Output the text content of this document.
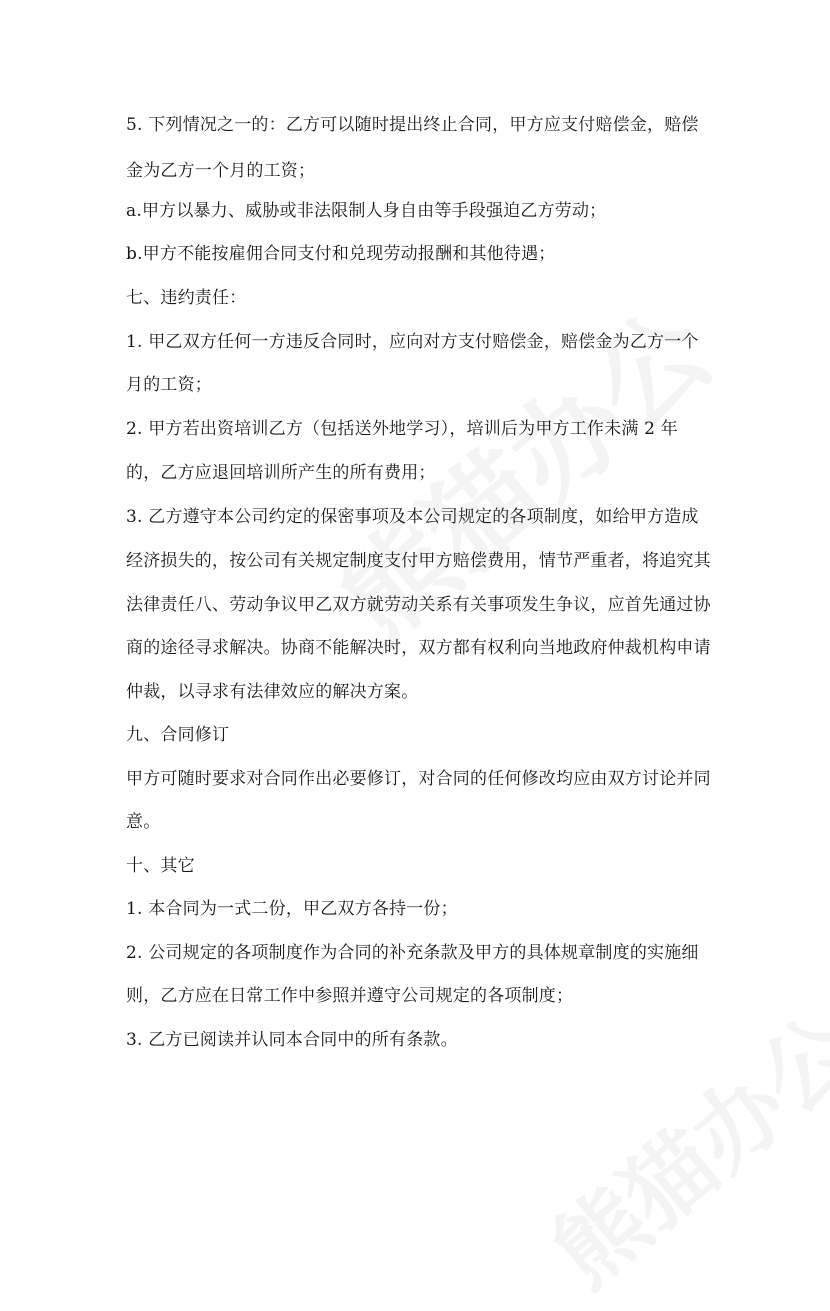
5. 下列情况之一的：乙方可以随时提出终止合同，甲方应支付赔偿金，赔偿
金为乙方一个月的工资；
a.甲方以暴力、威胁或非法限制人身自由等手段强迫乙方劳动；
b.甲方不能按雇佣合同支付和兑现劳动报酬和其他待遇；
七、违约责任：
1. 甲乙双方任何一方违反合同时，应向对方支付赔偿金，赔偿金为乙方一个
月的工资；
2. 甲方若出资培训乙方（包括送外地学习），培训后为甲方工作未满 2 年
的，乙方应退回培训所产生的所有费用；
3. 乙方遵守本公司约定的保密事项及本公司规定的各项制度，如给甲方造成
经济损失的，按公司有关规定制度支付甲方赔偿费用，情节严重者，将追究其
法律责任八、劳动争议甲乙双方就劳动关系有关事项发生争议，应首先通过协
商的途径寻求解决。协商不能解决时，双方都有权利向当地政府仲裁机构申请
仲裁，以寻求有法律效应的解决方案。
九、合同修订
甲方可随时要求对合同作出必要修订，对合同的任何修改均应由双方讨论并同
意。
十、其它
1. 本合同为一式二份，甲乙双方各持一份；
2. 公司规定的各项制度作为合同的补充条款及甲方的具体规章制度的实施细
则，乙方应在日常工作中参照并遵守公司规定的各项制度；
3. 乙方已阅读并认同本合同中的所有条款。
